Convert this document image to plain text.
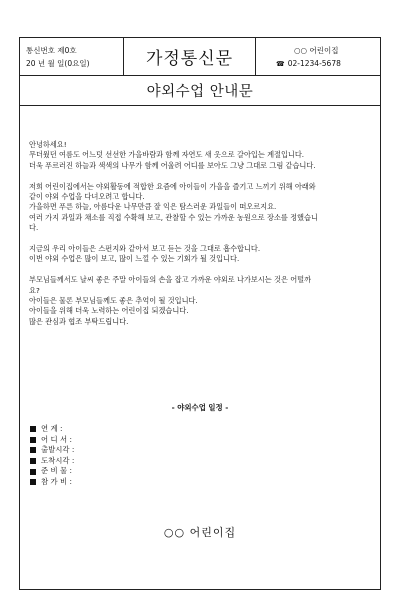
통신번호 제0호
20 년 월 일(0요일)	가정통신문	○○ 어린이집
☎ 02-1234-5678
야외수업 안내문

안녕하세요!

무더웠던 여름도 어느덧 선선한 가을바람과 함께 자연도 새 옷으로 갈아입는 계절입니다.

더욱 푸르러진 하늘과 색색의 나무가 함께 어울려 어디를 보아도 그냥 그대로 그림 같습니다.

저희 어린이집에서는 야외활동에 적합한 요즘에 아이들이 가을을 즐기고 느끼기 위해 아래와

같이 야외 수업을 다녀오려고 합니다.

가을하면 푸른 하늘, 아름다운 나무만큼 잘 익은 탐스러운 과일들이 떠오르지요.

여러 가지 과일과 채소를 직접 수확해 보고, 관찰할 수 있는 가까운 농원으로 장소를 정했습니

다.

지금의 우리 아이들은 스펀지와 같아서 보고 듣는 것을 그대로 흡수합니다.

이번 야외 수업은 많이 보고, 많이 느낄 수 있는 기회가 될 것입니다.

부모님들께서도 날씨 좋은 주말 아이들의 손을 잡고 가까운 야외로 나가보시는 것은 어떨까

요?

아이들은 물론 부모님들께도 좋은 추억이 될 것입니다.

아이들을 위해 더욱 노력하는 어린이집 되겠습니다.

많은 관심과 협조 부탁드립니다.

- 야외수업 일정 -
연 계 :
어 디 서 :
출발시각 :
도착시각 :
준 비 물 :
참 가 비 :
○○ 어린이집
